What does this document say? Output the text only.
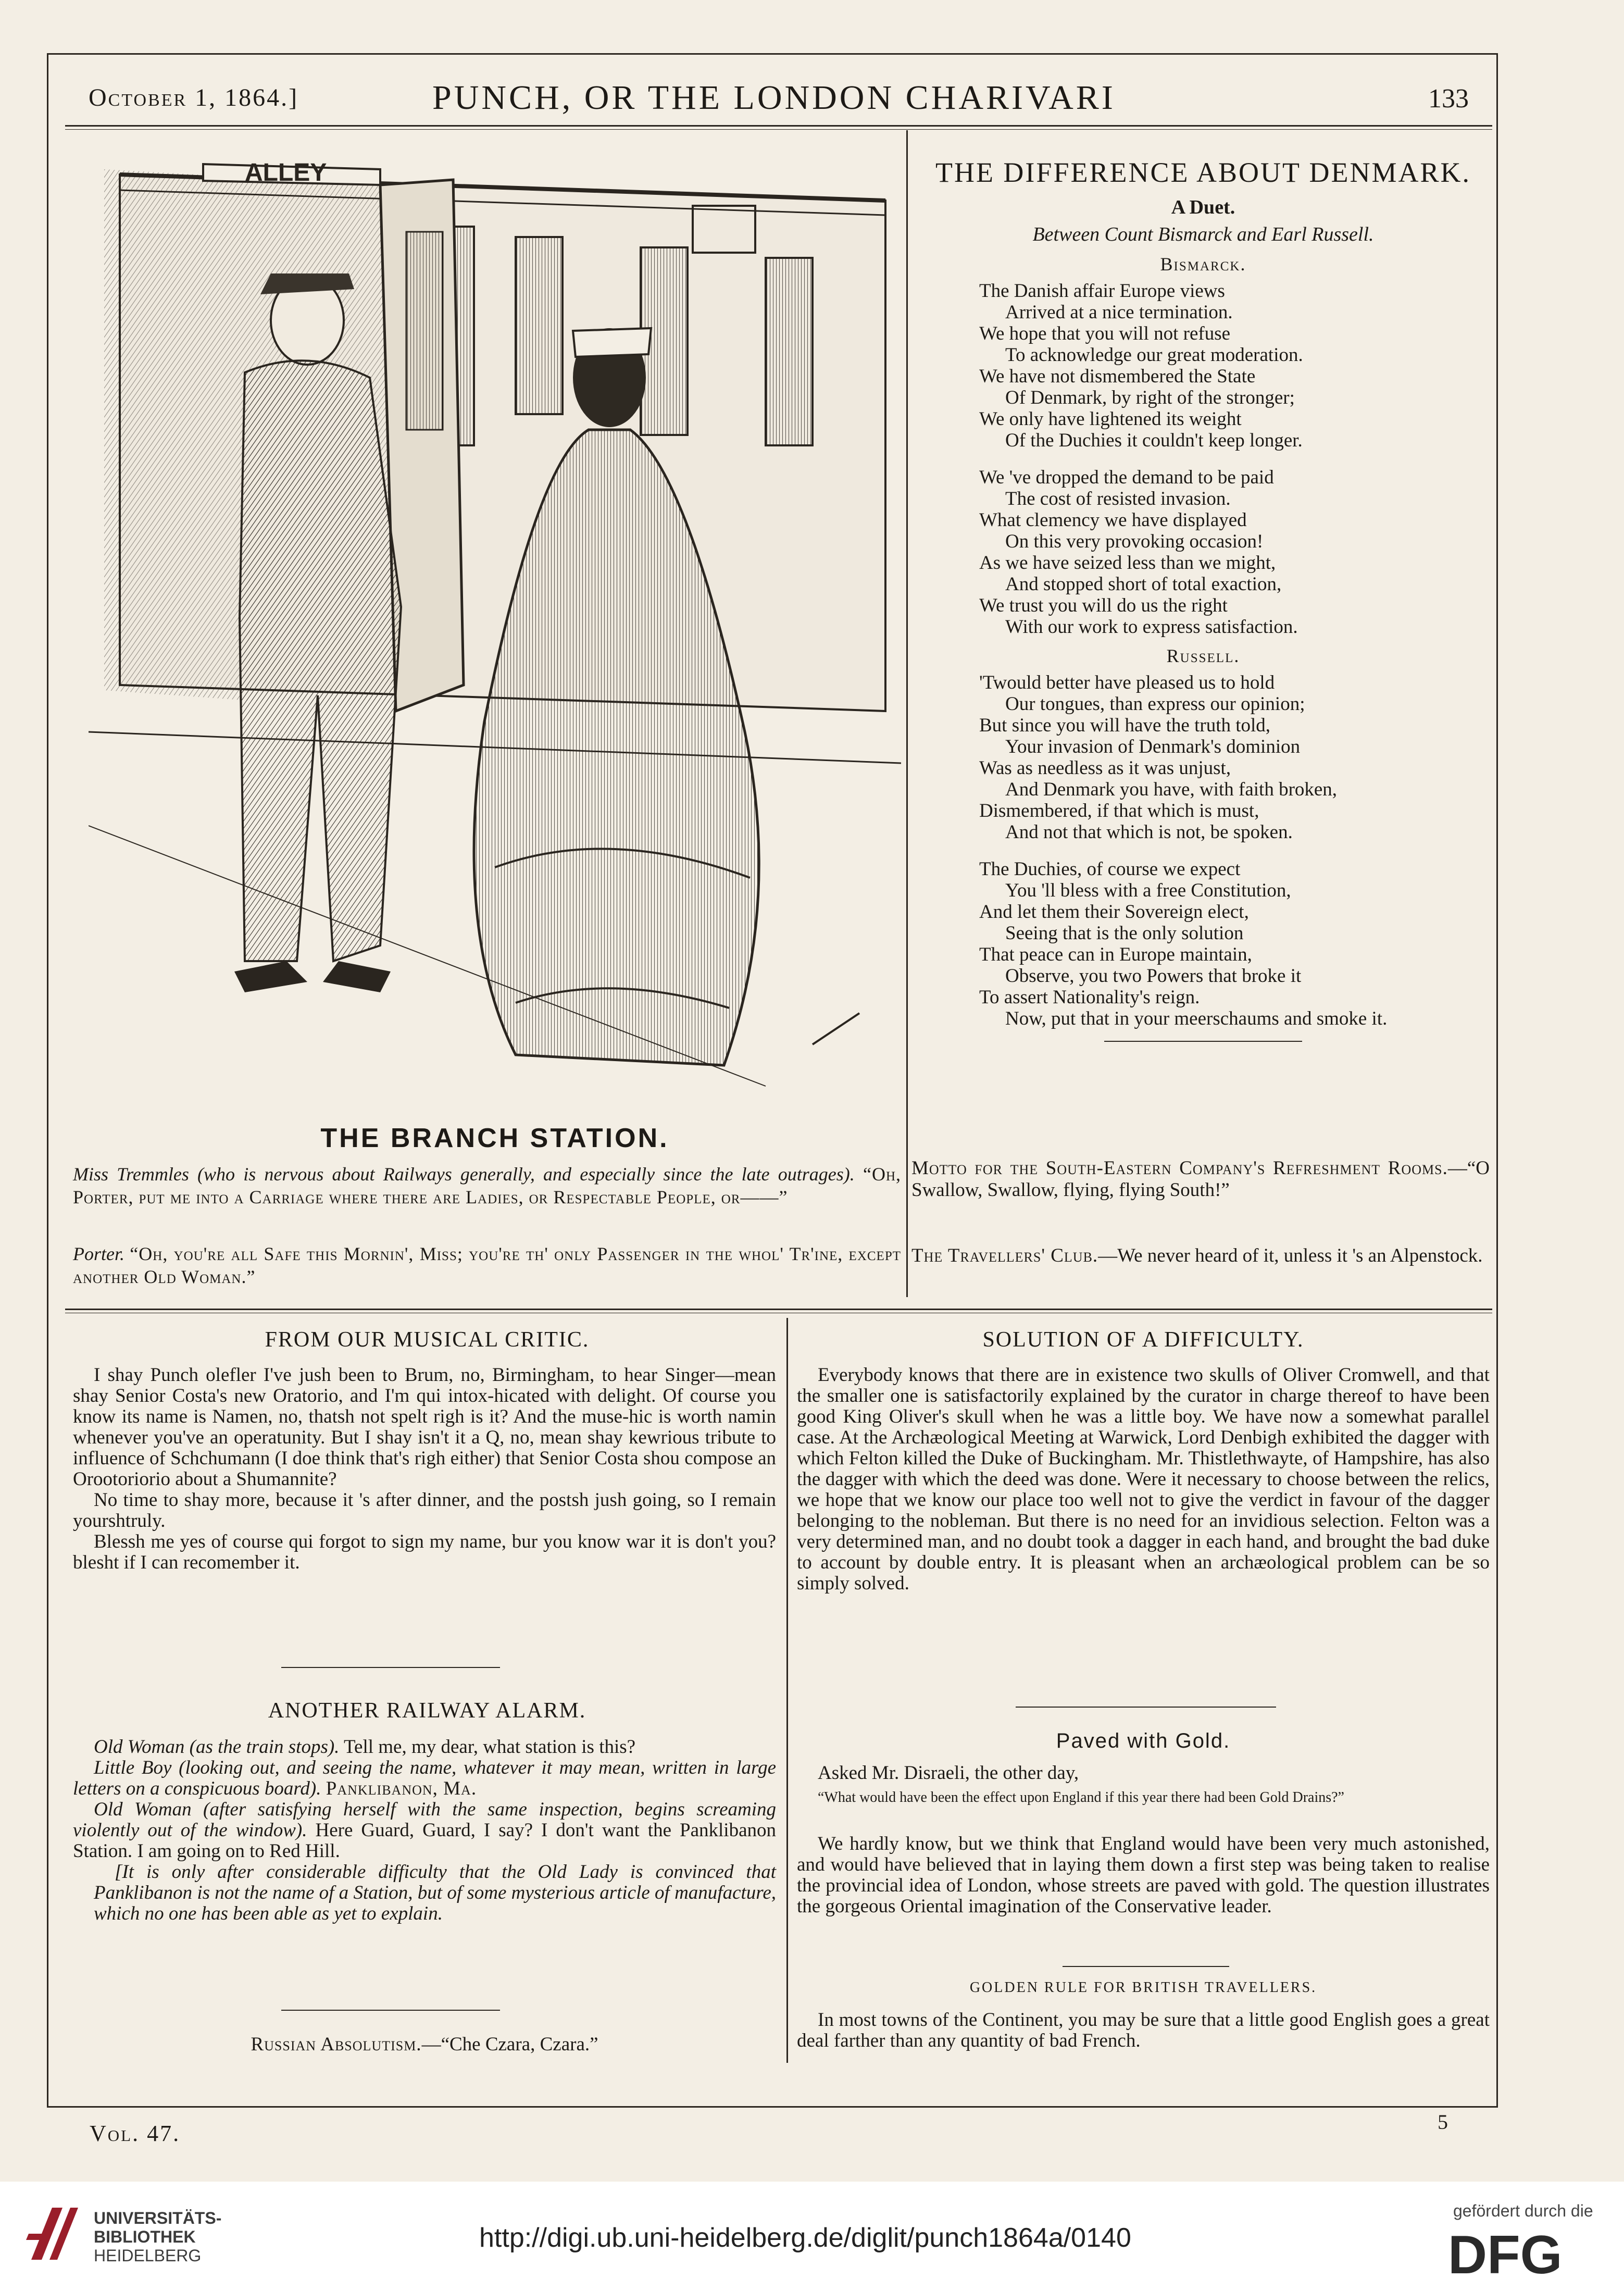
October 1, 1864.]	PUNCH, OR THE LONDON CHARIVARI	133
ALLEY
THE BRANCH STATION.
Miss Tremmles (who is nervous about Railways generally, and especially since the late outrages). “Oh, Porter, put me into a Carriage where there are Ladies, or Respectable People, or——”
Porter. “Oh, you're all Safe this Mornin', Miss; you're th' only Passenger in the whol' Tr'ine, except another Old Woman.”
THE DIFFERENCE ABOUT DENMARK.
A Duet.
Between Count Bismarck and Earl Russell.
Bismarck.
The Danish affair Europe views
Arrived at a nice termination.
We hope that you will not refuse
To acknowledge our great moderation.
We have not dismembered the State
Of Denmark, by right of the stronger;
We only have lightened its weight
Of the Duchies it couldn't keep longer.
We 've dropped the demand to be paid
The cost of resisted invasion.
What clemency we have displayed
On this very provoking occasion!
As we have seized less than we might,
And stopped short of total exaction,
We trust you will do us the right
With our work to express satisfaction.
Russell.
'Twould better have pleased us to hold
Our tongues, than express our opinion;
But since you will have the truth told,
Your invasion of Denmark's dominion
Was as needless as it was unjust,
And Denmark you have, with faith broken,
Dismembered, if that which is must,
And not that which is not, be spoken.
The Duchies, of course we expect
You 'll bless with a free Constitution,
And let them their Sovereign elect,
Seeing that is the only solution
That peace can in Europe maintain,
Observe, you two Powers that broke it
To assert Nationality's reign.
Now, put that in your meerschaums and smoke it.
Motto for the South-Eastern Company's Refreshment Rooms.—“O Swallow, Swallow, flying, flying South!”
The Travellers' Club.—We never heard of it, unless it 's an Alpenstock.
FROM OUR MUSICAL CRITIC.

I shay Punch olefler I've jush been to Brum, no, Birmingham, to hear Singer—mean shay Senior Costa's new Oratorio, and I'm qui intox-hicated with delight. Of course you know its name is Namen, no, thatsh not spelt righ is it? And the muse-hic is worth namin whenever you've an operatunity. But I shay isn't it a Q, no, mean shay kewrious tribute to influence of Schchumann (I doe think that's righ either) that Senior Costa shou compose an Orootoriorio about a Shumannite?

No time to shay more, because it 's after dinner, and the postsh jush going, so I remain yourshtruly.

Blessh me yes of course qui forgot to sign my name, bur you know war it is don't you? blesht if I can recomember it.

ANOTHER RAILWAY ALARM.

Old Woman (as the train stops). Tell me, my dear, what station is this?

Little Boy (looking out, and seeing the name, whatever it may mean, written in large letters on a conspicuous board). Panklibanon, Ma.

Old Woman (after satisfying herself with the same inspection, begins screaming violently out of the window). Here Guard, Guard, I say? I don't want the Panklibanon Station. I am going on to Red Hill.

[It is only after considerable difficulty that the Old Lady is convinced that Panklibanon is not the name of a Station, but of some mysterious article of manufacture, which no one has been able as yet to explain.

Russian Absolutism.—“Che Czara, Czara.”
SOLUTION OF A DIFFICULTY.

Everybody knows that there are in existence two skulls of Oliver Cromwell, and that the smaller one is satisfactorily explained by the curator in charge thereof to have been good King Oliver's skull when he was a little boy. We have now a somewhat parallel case. At the Archæological Meeting at Warwick, Lord Denbigh exhibited the dagger with which Felton killed the Duke of Buckingham. Mr. Thistlethwayte, of Hampshire, has also the dagger with which the deed was done. Were it necessary to choose between the relics, we hope that we know our place too well not to give the verdict in favour of the dagger belonging to the nobleman. But there is no need for an invidious selection. Felton was a very determined man, and no doubt took a dagger in each hand, and brought the bad duke to account by double entry. It is pleasant when an archæological problem can be so simply solved.

Paved with Gold.

Asked Mr. Disraeli, the other day,

“What would have been the effect upon England if this year there had been Gold Drains?”

We hardly know, but we think that England would have been very much astonished, and would have believed that in laying them down a first step was being taken to realise the provincial idea of London, whose streets are paved with gold. The question illustrates the gorgeous Oriental imagination of the Conservative leader.

GOLDEN RULE FOR BRITISH TRAVELLERS.

In most towns of the Continent, you may be sure that a little good English goes a great deal farther than any quantity of bad French.

Vol. 47.	5
UNIVERSITÄTS-
BIBLIOTHEK
HEIDELBERG
http://digi.ub.uni-heidelberg.de/diglit/punch1864a/0140
gefördert durch die
DFG
